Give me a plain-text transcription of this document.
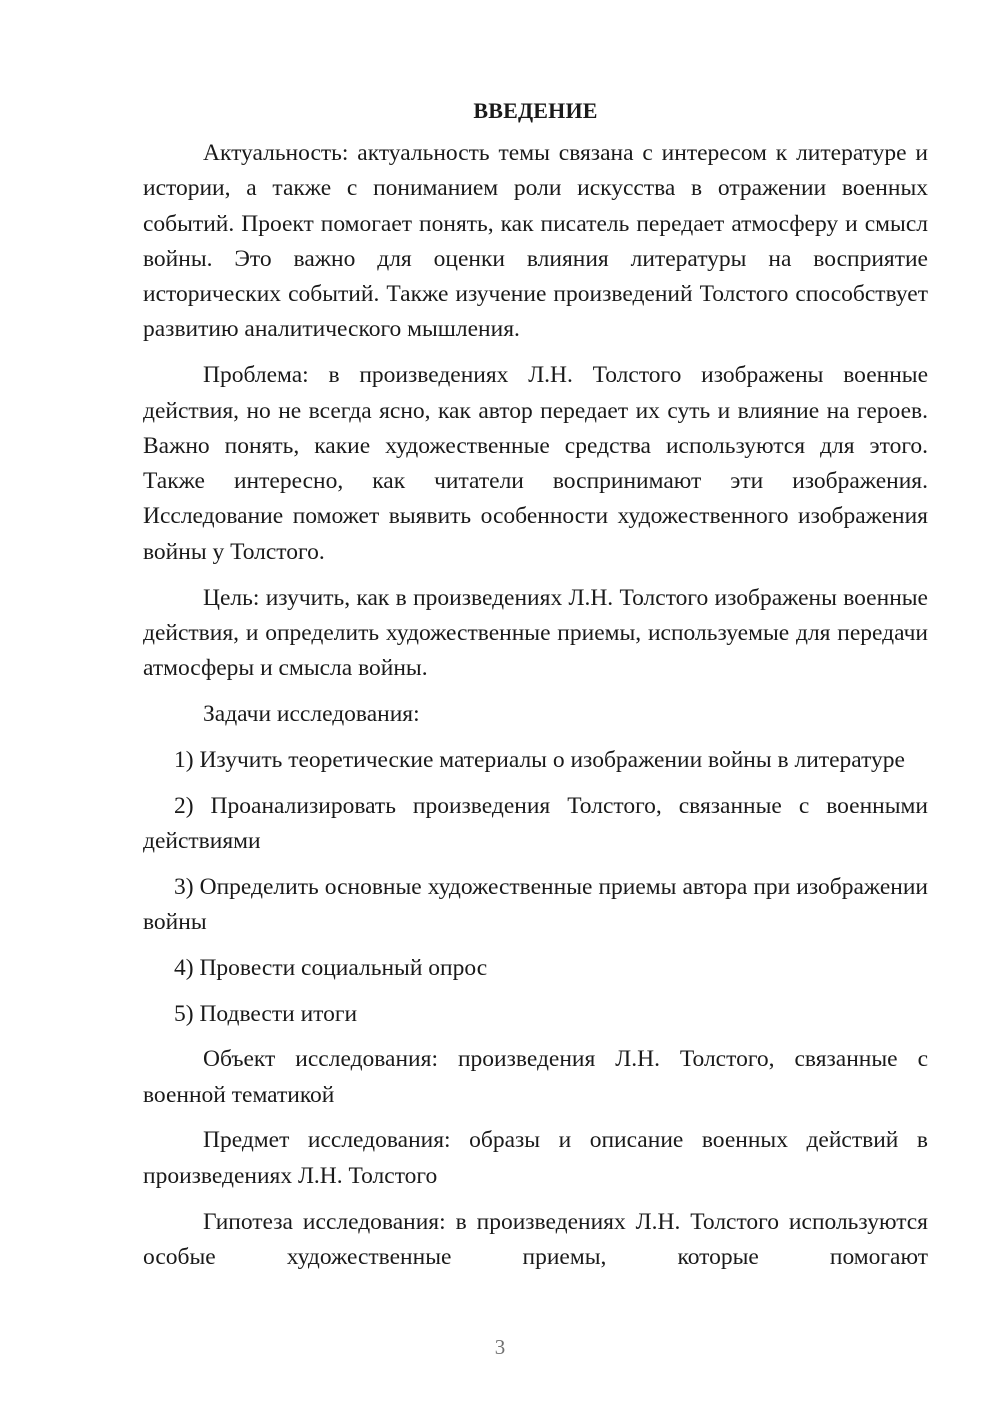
ВВЕДЕНИЕ

Актуальность: актуальность темы связана с интересом к литературе и истории, а также с пониманием роли искусства в отражении военных событий. Проект помогает понять, как писатель передает атмосферу и смысл войны. Это важно для оценки влияния литературы на восприятие исторических событий. Также изучение произведений Толстого способствует развитию аналитического мышления.

Проблема: в произведениях Л.Н. Толстого изображены военные действия, но не всегда ясно, как автор передает их суть и влияние на героев. Важно понять, какие художественные средства используются для этого. Также интересно, как читатели воспринимают эти изображения. Исследование поможет выявить особенности художественного изображения войны у Толстого.

Цель: изучить, как в произведениях Л.Н. Толстого изображены военные действия, и определить художественные приемы, используемые для передачи атмосферы и смысла войны.

Задачи исследования:

1) Изучить теоретические материалы о изображении войны в литературе

2) Проанализировать произведения Толстого, связанные с военными действиями

3) Определить основные художественные приемы автора при изображении войны

4) Провести социальный опрос

5) Подвести итоги

Объект исследования: произведения Л.Н. Толстого, связанные с военной тематикой

Предмет исследования: образы и описание военных действий в произведениях Л.Н. Толстого

Гипотеза исследования: в произведениях Л.Н. Толстого используются особые художественные приемы, которые помогают

3
